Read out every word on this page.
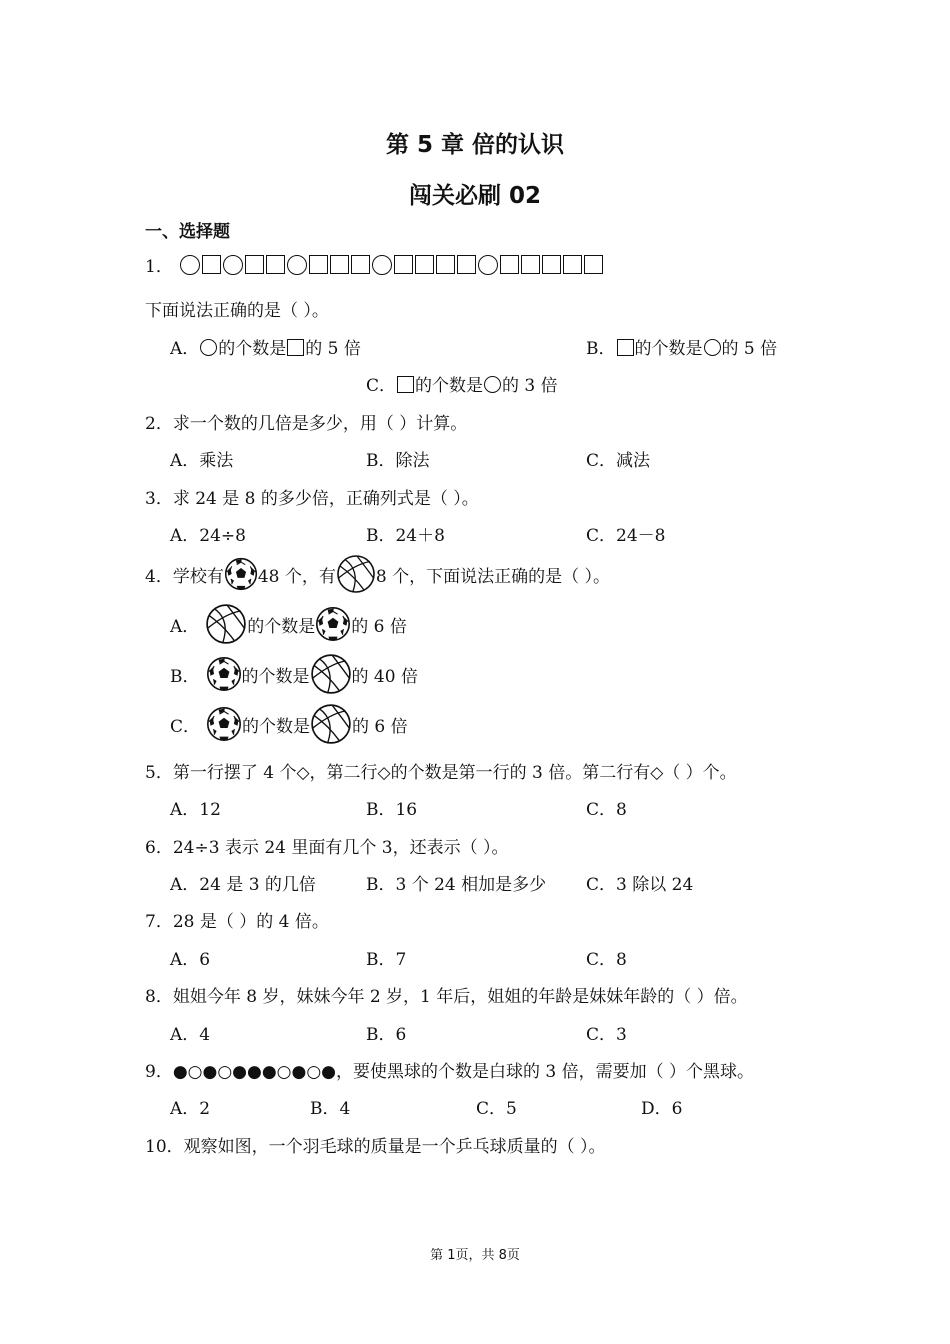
第 5 章 倍的认识
闯关必刷 02
一、选择题
1．
下面说法正确的是（ ）。
A． 的个数是 的 5 倍	B． 的个数是 的 5 倍
C． 的个数是 的 3 倍
2．求一个数的几倍是多少，用（ ）计算。
A．乘法	B．除法	C．减法
3．求 24 是 8 的多少倍，正确列式是（ ）。
A．24÷8	B．24＋8	C．24－8
4．学校有 48 个，有 8 个，下面说法正确的是（ ）。
A．	的个数是 的 6 倍
B． 的个数是 的 40 倍
C． 的个数是 的 6 倍
5．第一行摆了 4 个◇，第二行◇的个数是第一行的 3 倍。第二行有◇（ ）个。
A．12	B．16	C．8
6．24÷3 表示 24 里面有几个 3，还表示（ ）。
A．24 是 3 的几倍	B．3 个 24 相加是多少 C．3 除以 24
7．28 是（ ）的 4 倍。
A．6	B．7	C．8
8．姐姐今年 8 岁，妹妹今年 2 岁，1 年后，姐姐的年龄是妹妹年龄的（ ）倍。
A．4	B．6	C．3
9．●○●○●●●○●○●，要使黑球的个数是白球的 3 倍，需要加（ ）个黑球。
A．2	B．4	C．5	D．6
10．观察如图，一个羽毛球的质量是一个乒乓球质量的（ ）。
第 1页，共 8页
